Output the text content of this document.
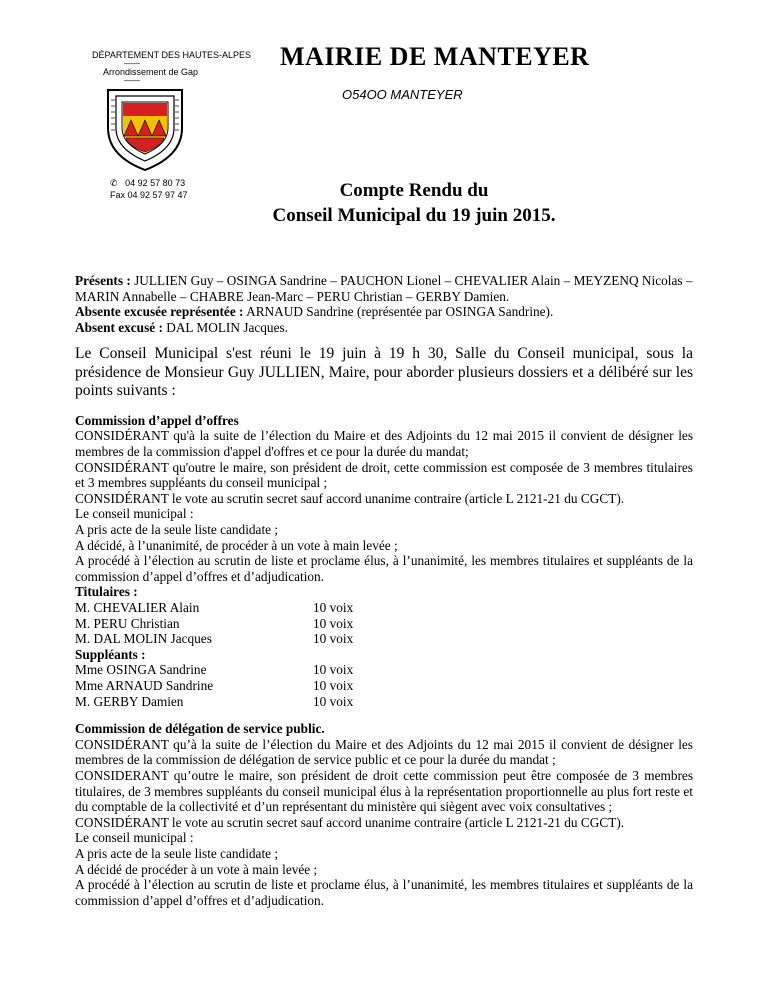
DÉPARTEMENT DES HAUTES-ALPES
——
Arrondissement de Gap
——
✆ 04 92 57 80 73
Fax 04 92 57 97 47
MAIRIE DE MANTEYER
O54OO MANTEYER
Compte Rendu du
Conseil Municipal du 19 juin 2015.

Présents : JULLIEN Guy – OSINGA Sandrine – PAUCHON Lionel – CHEVALIER Alain – MEYZENQ Nicolas – MARIN Annabelle – CHABRE Jean-Marc – PERU Christian – GERBY Damien.

Absente excusée représentée : ARNAUD Sandrine (représentée par OSINGA Sandrine).

Absent excusé : DAL MOLIN Jacques.

Le Conseil Municipal s'est réuni le 19 juin à 19 h 30, Salle du Conseil municipal, sous la présidence de Monsieur Guy JULLIEN, Maire, pour aborder plusieurs dossiers et a délibéré sur les points suivants :

Commission d’appel d’offres

CONSIDÉRANT qu'à la suite de l’élection du Maire et des Adjoints du 12 mai 2015 il convient de désigner les membres de la commission d'appel d'offres et ce pour la durée du mandat;

CONSIDÉRANT qu'outre le maire, son président de droit, cette commission est composée de 3 membres titulaires et 3 membres suppléants du conseil municipal ;

CONSIDÉRANT le vote au scrutin secret sauf accord unanime contraire (article L 2121-21 du CGCT).

Le conseil municipal :

A pris acte de la seule liste candidate ;

A décidé, à l’unanimité, de procéder à un vote à main levée ;

A procédé à l’élection au scrutin de liste et proclame élus, à l’unanimité, les membres titulaires et suppléants de la commission d’appel d’offres et d’adjudication.

Titulaires :

M. CHEVALIER Alain	10 voix
M. PERU Christian	10 voix
M. DAL MOLIN Jacques	10 voix

Suppléants :

Mme OSINGA Sandrine	10 voix
Mme ARNAUD Sandrine	10 voix
M. GERBY Damien	10 voix

Commission de délégation de service public.

CONSIDÉRANT qu’à la suite de l’élection du Maire et des Adjoints du 12 mai 2015 il convient de désigner les membres de la commission de délégation de service public et ce pour la durée du mandat ;

CONSIDERANT qu’outre le maire, son président de droit cette commission peut être composée de 3 membres titulaires, de 3 membres suppléants du conseil municipal élus à la représentation proportionnelle au plus fort reste et du comptable de la collectivité et d’un représentant du ministère qui siègent avec voix consultatives ;

CONSIDÉRANT le vote au scrutin secret sauf accord unanime contraire (article L 2121-21 du CGCT).

Le conseil municipal :

A pris acte de la seule liste candidate ;

A décidé de procéder à un vote à main levée ;

A procédé à l’élection au scrutin de liste et proclame élus, à l’unanimité, les membres titulaires et suppléants de la commission d’appel d’offres et d’adjudication.
